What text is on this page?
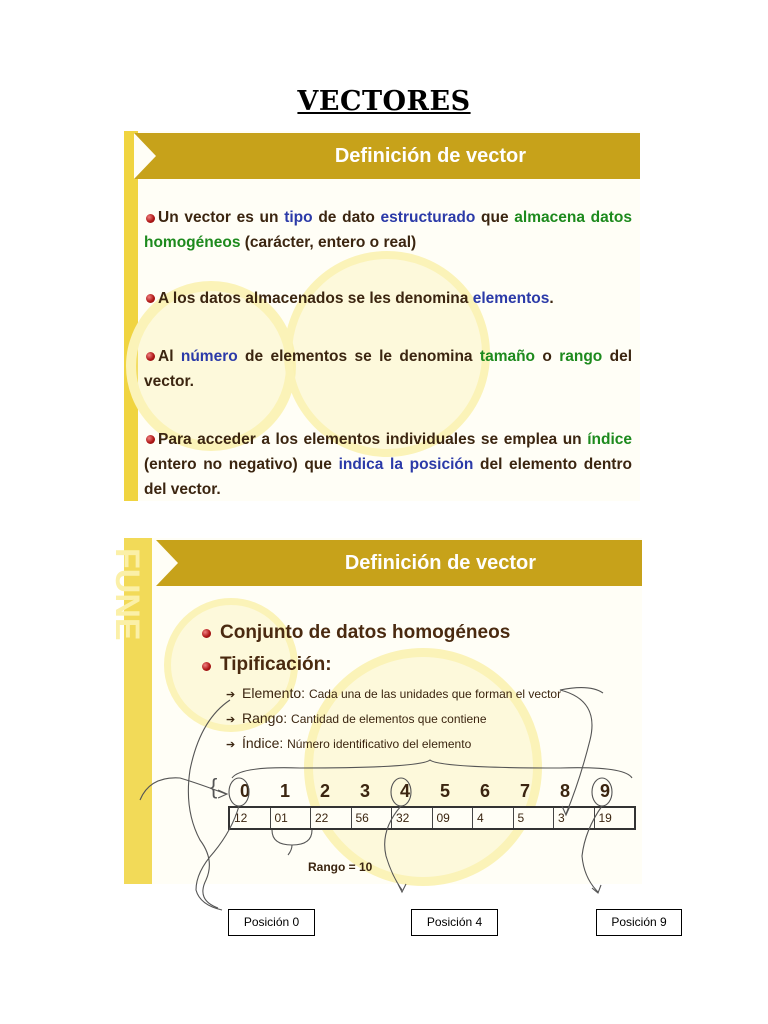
VECTORES
Definición de vector
Un vector es un tipo de dato estructurado que almacena datos homogéneos (carácter, entero o real)
A los datos almacenados se les denomina elementos.
Al número de elementos se le denomina tamaño o rango del vector.
Para acceder a los elementos individuales se emplea un índice (entero no negativo) que indica la posición del elemento dentro del vector.
FUNE	Definición de vector
Conjunto de datos homogéneos
Tipificación:
➔ Elemento: Cada una de las unidades que forman el vector
➔ Rango: Cantidad de elementos que contiene
➔ Índice: Número identificativo del elemento
{	0	1	2	3	4	5	6	7	8	9
12	01	22	56	32	09	4	5	3	19
Rango = 10
Posición 0	Posición 4	Posición 9
